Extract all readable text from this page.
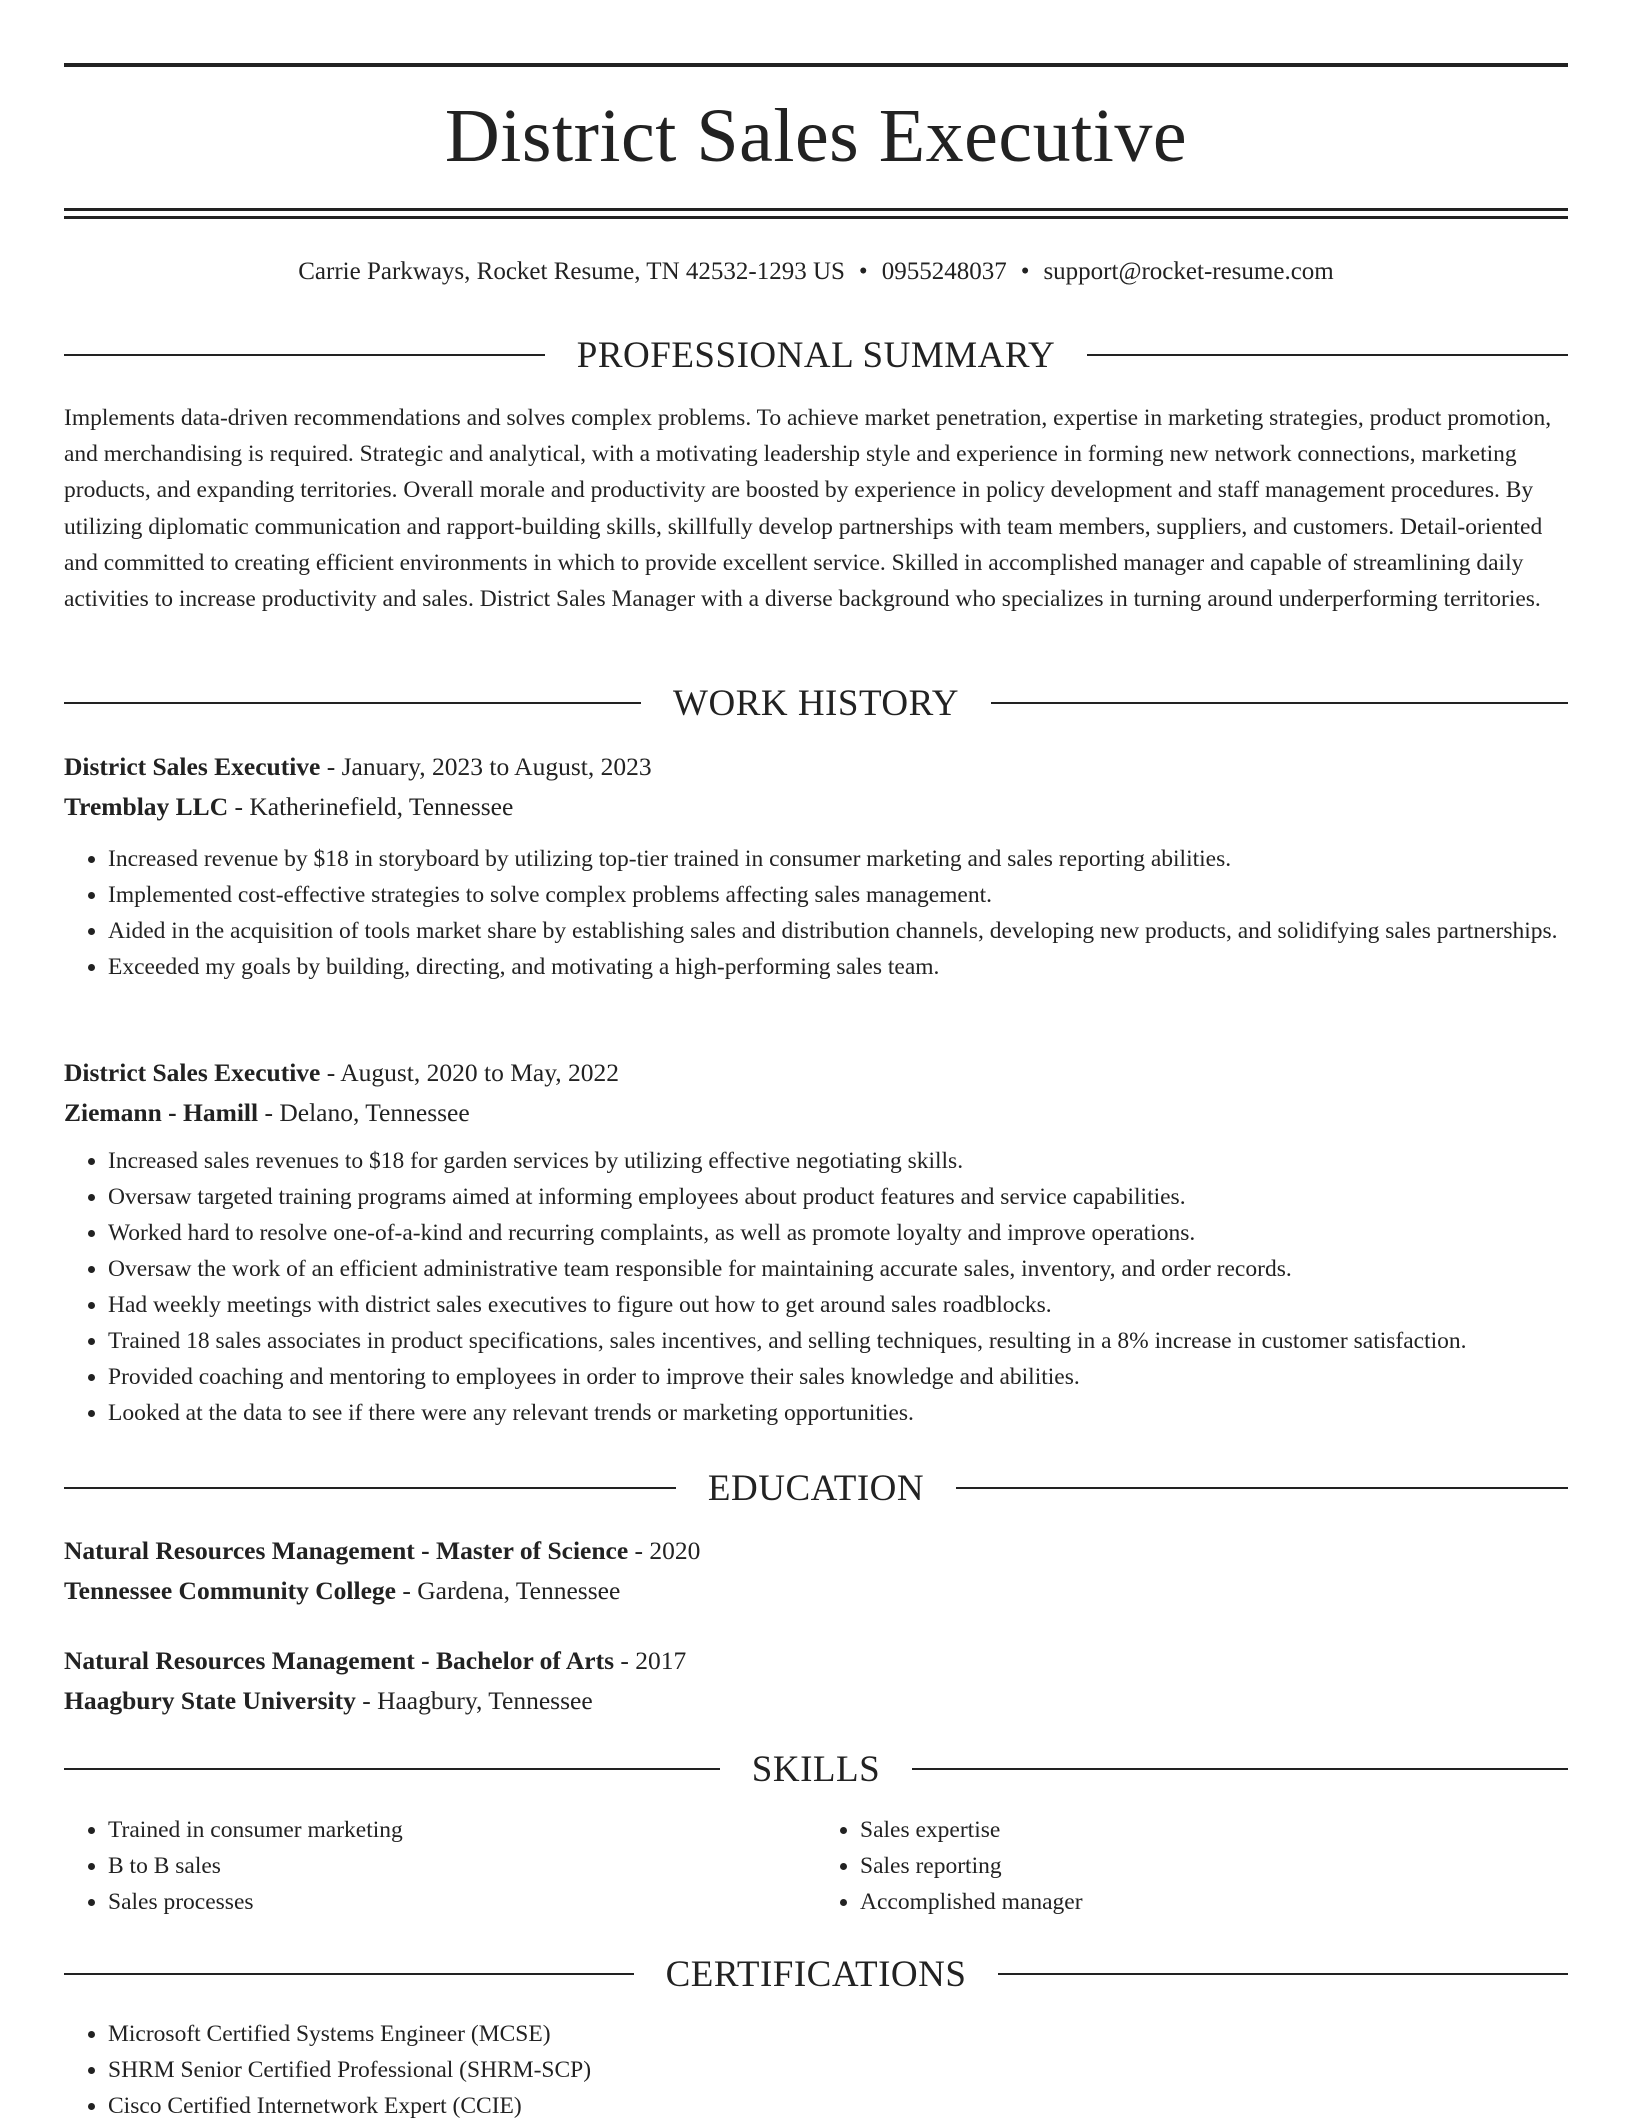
District Sales Executive
Carrie Parkways, Rocket Resume, TN 42532-1293 US • 0955248037 • support@rocket-resume.com
PROFESSIONAL SUMMARY

Implements data-driven recommendations and solves complex problems. To achieve market penetration, expertise in marketing strategies, product promotion, and merchandising is required. Strategic and analytical, with a motivating leadership style and experience in forming new network connections, marketing products, and expanding territories. Overall morale and productivity are boosted by experience in policy development and staff management procedures. By utilizing diplomatic communication and rapport-building skills, skillfully develop partnerships with team members, suppliers, and customers. Detail-oriented and committed to creating efficient environments in which to provide excellent service. Skilled in accomplished manager and capable of streamlining daily activities to increase productivity and sales. District Sales Manager with a diverse background who specializes in turning around underperforming territories.

WORK HISTORY
District Sales Executive - January, 2023 to August, 2023
Tremblay LLC - Katherinefield, Tennessee
• Increased revenue by $18 in storyboard by utilizing top-tier trained in consumer marketing and sales reporting abilities.
• Implemented cost-effective strategies to solve complex problems affecting sales management.
• Aided in the acquisition of tools market share by establishing sales and distribution channels, developing new products, and solidifying sales partnerships.
• Exceeded my goals by building, directing, and motivating a high-performing sales team.
District Sales Executive - August, 2020 to May, 2022
Ziemann - Hamill - Delano, Tennessee
• Increased sales revenues to $18 for garden services by utilizing effective negotiating skills.
• Oversaw targeted training programs aimed at informing employees about product features and service capabilities.
• Worked hard to resolve one-of-a-kind and recurring complaints, as well as promote loyalty and improve operations.
• Oversaw the work of an efficient administrative team responsible for maintaining accurate sales, inventory, and order records.
• Had weekly meetings with district sales executives to figure out how to get around sales roadblocks.
• Trained 18 sales associates in product specifications, sales incentives, and selling techniques, resulting in a 8% increase in customer satisfaction.
• Provided coaching and mentoring to employees in order to improve their sales knowledge and abilities.
• Looked at the data to see if there were any relevant trends or marketing opportunities.
EDUCATION
Natural Resources Management - Master of Science - 2020
Tennessee Community College - Gardena, Tennessee
Natural Resources Management - Bachelor of Arts - 2017
Haagbury State University - Haagbury, Tennessee
SKILLS
• Trained in consumer marketing
• B to B sales
• Sales processes
• Sales expertise
• Sales reporting
• Accomplished manager
CERTIFICATIONS
• Microsoft Certified Systems Engineer (MCSE)
• SHRM Senior Certified Professional (SHRM-SCP)
• Cisco Certified Internetwork Expert (CCIE)
